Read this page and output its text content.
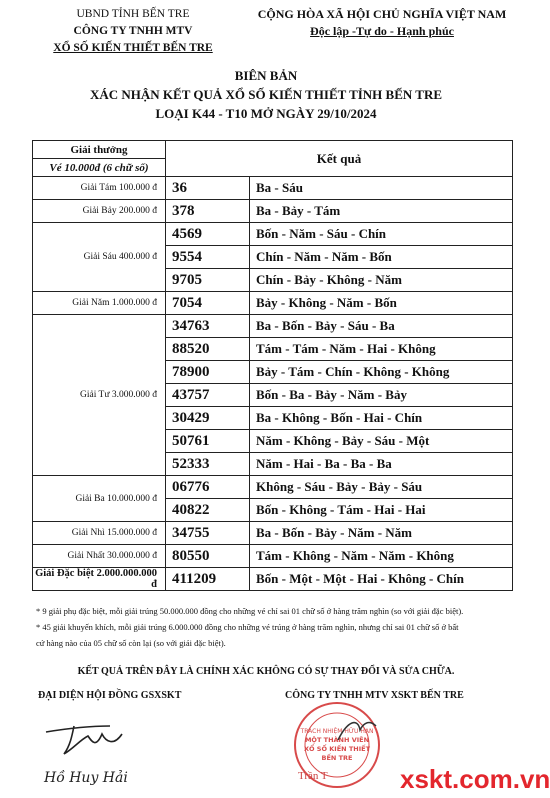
UBND TỈNH BẾN TRE
CÔNG TY TNHH MTV
XỔ SỐ KIẾN THIẾT BẾN TRE
CỘNG HÒA XÃ HỘI CHỦ NGHĨA VIỆT NAM
Độc lập -Tự do - Hạnh phúc
BIÊN BẢN
XÁC NHẬN KẾT QUẢ XỔ SỐ KIẾN THIẾT TỈNH BẾN TRE
LOẠI K44 - T10 MỞ NGÀY 29/10/2024
Giải thưởng	Kết quả	
Vé 10.000đ (6 chữ số)		
Giải Tám 100.000 đ	36	Ba - Sáu
Giải Bảy 200.000 đ	378	Ba - Bảy - Tám
Giải Sáu 400.000 đ	4569	Bốn - Năm - Sáu - Chín
	9554	Chín - Năm - Năm - Bốn
	9705	Chín - Bảy - Không - Năm
Giải Năm 1.000.000 đ	7054	Bảy - Không - Năm - Bốn
Giải Tư 3.000.000 đ	34763	Ba - Bốn - Bảy - Sáu - Ba
	88520	Tám - Tám - Năm - Hai - Không
	78900	Bảy - Tám - Chín - Không - Không
	43757	Bốn - Ba - Bảy - Năm - Bảy
	30429	Ba - Không - Bốn - Hai - Chín
	50761	Năm - Không - Bảy - Sáu - Một
	52333	Năm - Hai - Ba - Ba - Ba
Giải Ba 10.000.000 đ	06776	Không - Sáu - Bảy - Bảy - Sáu
	40822	Bốn - Không - Tám - Hai - Hai
Giải Nhì 15.000.000 đ	34755	Ba - Bốn - Bảy - Năm - Năm
Giải Nhất 30.000.000 đ	80550	Tám - Không - Năm - Năm - Không
Giải Đặc biệt 2.000.000.000 đ	411209	Bốn - Một - Một - Hai - Không - Chín
* 9 giải phụ đặc biệt, mỗi giải trúng 50.000.000 đồng cho những vé chỉ sai 01 chữ số ở hàng trăm nghìn (so với giải đặc biệt).
* 45 giải khuyến khích, mỗi giải trúng 6.000.000 đồng cho những vé trúng ở hàng trăm nghìn, nhưng chỉ sai 01 chữ số ở bất
cứ hàng nào của 05 chữ số còn lại (so với giải đặc biệt).
KẾT QUẢ TRÊN ĐÂY LÀ CHÍNH XÁC KHÔNG CÓ SỰ THAY ĐỔI VÀ SỬA CHỮA.
ĐẠI DIỆN HỘI ĐỒNG GSXSKT	CÔNG TY TNHH MTV XSKT BẾN TRE
Hồ Huy Hải
TRÁCH NHIỆM HỮU HẠN
MỘT THÀNH VIÊN
XỔ SỐ KIẾN THIẾT
BẾN TRE
Trần T	xskt.com.vn
